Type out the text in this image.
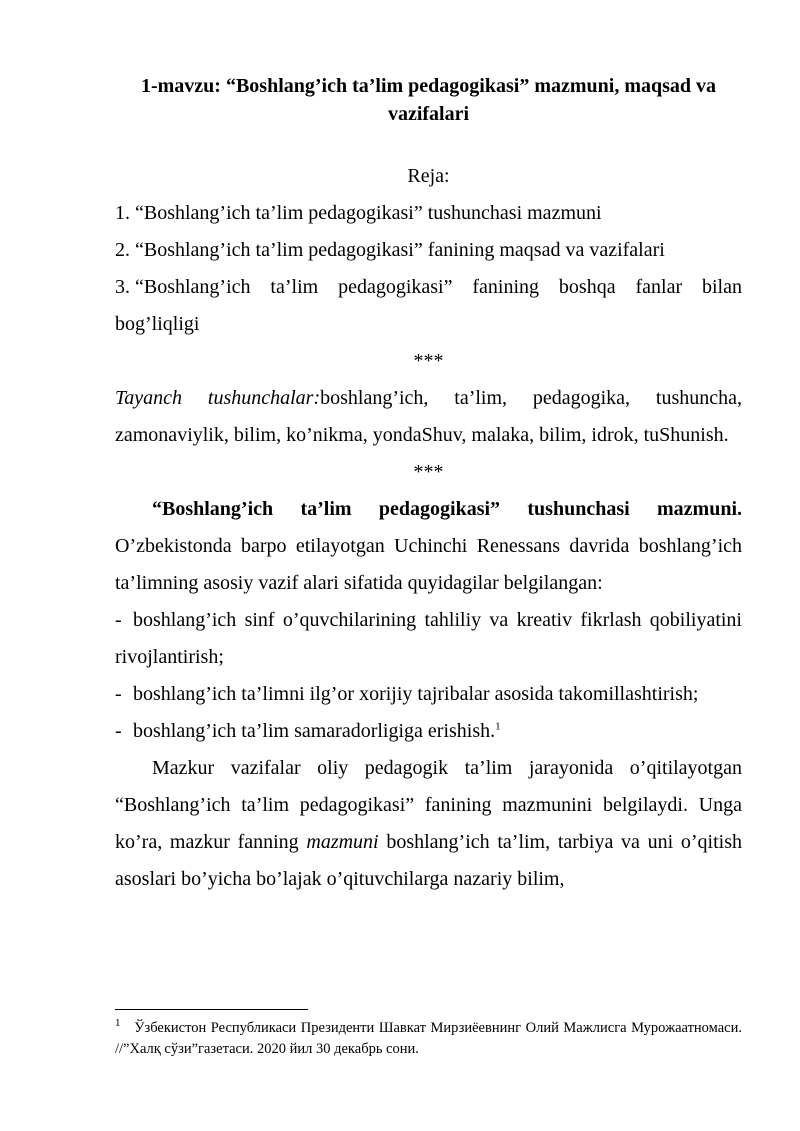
1-mavzu: “Boshlang’ich ta’lim pedagogikasi” mazmuni, maqsad va vazifalari
Reja:
1. “Boshlang’ich ta’lim pedagogikasi” tushunchasi mazmuni
2. “Boshlang’ich ta’lim pedagogikasi” fanining maqsad va vazifalari

3. “Boshlang’ich ta’lim pedagogikasi” fanining boshqa fanlar bilan bog’liqligi

***

Tayanch tushunchalar:boshlang’ich, ta’lim, pedagogika, tushuncha, zamonaviylik, bilim, ko’nikma, yondaShuv, malaka, bilim, idrok, tuShunish.

***

“Boshlang’ich ta’lim pedagogikasi” tushunchasi mazmuni. O’zbekistonda barpo etilayotgan Uchinchi Renessans davrida boshlang’ich ta’limning asosiy vazif alari sifatida quyidagilar belgilangan:

- boshlang’ich sinf o’quvchilarining tahliliy va kreativ fikrlash qobiliyatini rivojlantirish;

- boshlang’ich ta’limni ilg’or xorijiy tajribalar asosida takomillashtirish;

- boshlang’ich ta’lim samaradorligiga erishish.$^1$

Mazkur vazifalar oliy pedagogik ta’lim jarayonida o’qitilayotgan “Boshlang’ich ta’lim pedagogikasi” fanining mazmunini belgilaydi. Unga ko’ra, mazkur fanning mazmuni boshlang’ich ta’lim, tarbiya va uni o’qitish asoslari bo’yicha bo’lajak o’qituvchilarga nazariy bilim,

$^1$ Ўзбекистон Республикаси Президенти Шавкат Мирзиёевнинг Олий Мажлисга Мурожаатномаси. //”Халқ сўзи”газетаси. 2020 йил 30 декабрь сони.
